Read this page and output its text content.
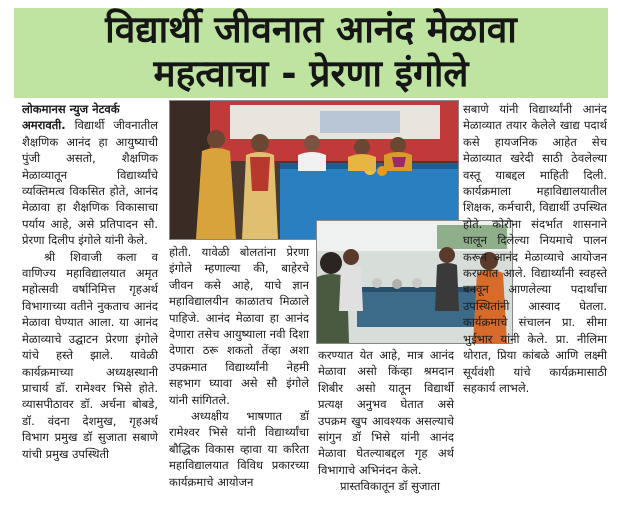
विद्यार्थी जीवनात आनंद मेळावा
महत्वाचा - प्रेरणा इंगोले

लोकमानस न्युज नेटवर्क

अमरावती. विद्यार्थी जीवनातील शैक्षणिक आनंद हा आयुष्याची पुंजी असतो, शैक्षणिक मेळाव्यातून विद्यार्थ्यांचे व्यक्तिमत्व विकसित होते, आनंद मेळावा हा शैक्षणिक विकासाचा पर्याय आहे, असे प्रतिपादन सौ. प्रेरणा दिलीप इंगोले यांनी केले.

श्री शिवाजी कला व वाणिज्य महाविद्यालयात अमृत महोत्सवी वर्षानिमित्त गृहअर्थ विभागाच्या वतीने नुकताच आनंद मेळावा घेण्यात आला. या आनंद मेळाव्याचे उद्घाटन प्रेरणा इंगोले यांचे हस्ते झाले. यावेळी कार्यक्रमाच्या अध्यक्षस्थानी प्राचार्य डॉ. रामेश्वर भिसे होते. व्यासपीठावर डॉ. अर्चना बोबडे, डॉ. वंदना देशमुख, गृहअर्थ विभाग प्रमुख डॉ सुजाता सबाणे यांची प्रमुख उपस्थिती

होती. यावेळी बोलतांना प्रेरणा इंगोले म्हणाल्या की, बाहेरचे जीवन कसे आहे, याचे ज्ञान महाविद्यालयीन काळातच मिळाले पाहिजे. आनंद मेळावा हा आनंद देणारा तसेच आयुष्याला नवी दिशा देणारा ठरू शकतो तेंव्हा अशा उपक्रमात विद्यार्थ्यांनी नेहमी सहभाग घ्यावा असे सौ इंगोले यांनी सांगितले.

अध्यक्षीय भाषणात डॉ रामेश्वर भिसे यांनी विद्यार्थ्यांचा बौद्धिक विकास व्हावा या करिता महाविद्यालयात विविध प्रकारच्या कार्यक्रमाचे आयोजन

करण्यात येत आहे, मात्र आनंद मेळावा असो किंव्हा श्रमदान शिबीर असो यातून विद्यार्थी प्रत्यक्ष अनुभव घेतात असे उपक्रम खुप आवश्यक असल्याचे सांगुन डॉ भिसे यांनी आनंद मेळावा घेतल्याबद्दल गृह अर्थ विभागाचे अभिनंदन केले.

प्रास्तविकातून डॉ सुजाता

सबाणे यांनी विद्यार्थ्यांनी आनंद मेळाव्यात तयार केलेले खाद्य पदार्थ कसे हायजनिक आहेत सेच मेळाव्यात खरेदी साठी ठेवलेल्या वस्तू याबद्दल माहिती दिली. कार्यक्रमाला महाविद्यालयातील शिक्षक, कर्मचारी, विद्यार्थी उपस्थित होते. कोरोना संदर्भात शासनाने घालून दिलेल्या नियमाचे पालन करून आनंद मेळाव्याचे आयोजन करण्यात आले. विद्यार्थ्यांनी स्वहस्ते बनवून आणलेल्या पदार्थांचा उपस्थितांनी आस्वाद घेतला. कार्यक्रमाचे संचालन प्रा. सीमा भुईभार यांनी केले. प्रा. नीलिमा थोरात, प्रिया कांबळे आणि लक्ष्मी सूर्यवंशी यांचे कार्यक्रमासाठी सहकार्य लाभले.
